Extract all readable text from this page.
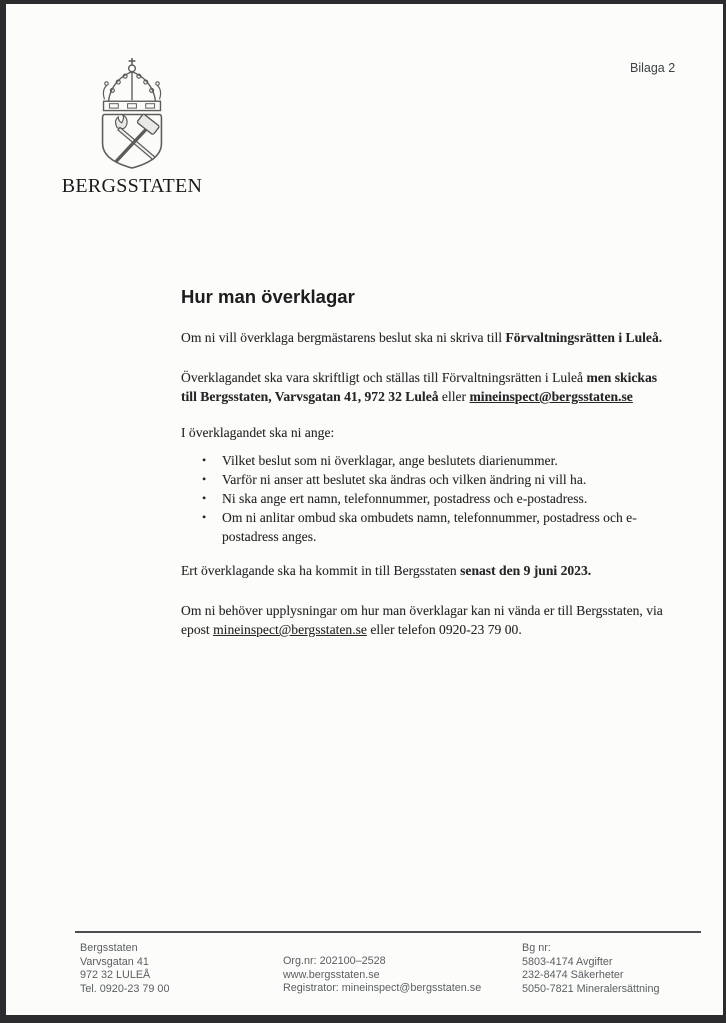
Bilaga 2
BERGSSTATEN
Hur man överklagar

Om ni vill överklaga bergmästarens beslut ska ni skriva till Förvaltningsrätten i Luleå.

Överklagandet ska vara skriftligt och ställas till Förvaltningsrätten i Luleå men skickas till Bergsstaten, Varvsgatan 41, 972 32 Luleå eller mineinspect@bergsstaten.se

I överklagandet ska ni ange:

•	Vilket beslut som ni överklagar, ange beslutets diarienummer.
•	Varför ni anser att beslutet ska ändras och vilken ändring ni vill ha.
•	Ni ska ange ert namn, telefonnummer, postadress och e-postadress.
•	Om ni anlitar ombud ska ombudets namn, telefonnummer, postadress och e-postadress anges.

Ert överklagande ska ha kommit in till Bergsstaten senast den 9 juni 2023.

Om ni behöver upplysningar om hur man överklagar kan ni vända er till Bergsstaten, via epost mineinspect@bergsstaten.se eller telefon 0920-23 79 00.

Bergsstaten
Varvsgatan 41
972 32 LULEÅ
Tel. 0920-23 79 00
Org.nr: 202100–2528
www.bergsstaten.se
Registrator: mineinspect@bergsstaten.se
Bg nr:
5803-4174 Avgifter
232-8474 Säkerheter
5050-7821 Mineralersättning
